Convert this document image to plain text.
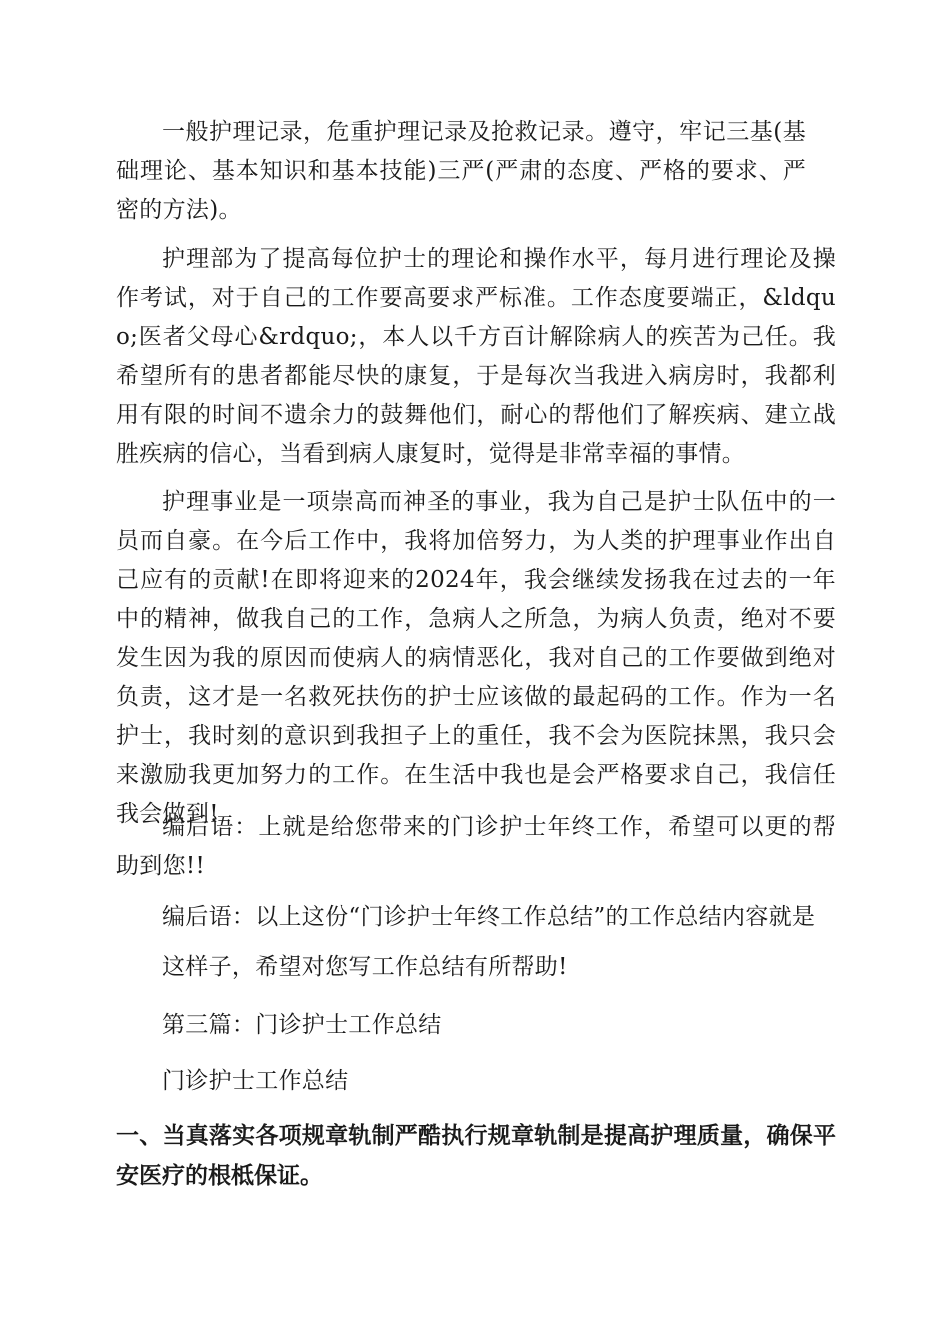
一般护理记录，危重护理记录及抢救记录。遵守，牢记三基(基础理论、基本知识和基本技能)三严(严肃的态度、严格的要求、严密的方法)。

护理部为了提高每位护士的理论和操作水平，每月进行理论及操作考试，对于自己的工作要高要求严标准。工作态度要端正，&ldquo;医者父母心&rdquo;，本人以千方百计解除病人的疾苦为己任。我希望所有的患者都能尽快的康复，于是每次当我进入病房时，我都利用有限的时间不遗余力的鼓舞他们，耐心的帮他们了解疾病、建立战胜疾病的信心，当看到病人康复时，觉得是非常幸福的事情。

护理事业是一项崇高而神圣的事业，我为自己是护士队伍中的一员而自豪。在今后工作中，我将加倍努力，为人类的护理事业作出自己应有的贡献!在即将迎来的2024年，我会继续发扬我在过去的一年中的精神，做我自己的工作，急病人之所急，为病人负责，绝对不要发生因为我的原因而使病人的病情恶化，我对自己的工作要做到绝对负责，这才是一名救死扶伤的护士应该做的最起码的工作。作为一名护士，我时刻的意识到我担子上的重任，我不会为医院抹黑，我只会来激励我更加努力的工作。在生活中我也是会严格要求自己，我信任我会做到!

编后语：上就是给您带来的门诊护士年终工作，希望可以更的帮助到您!!

编后语：以上这份“门诊护士年终工作总结”的工作总结内容就是

这样子，希望对您写工作总结有所帮助!

第三篇：门诊护士工作总结

门诊护士工作总结

一、当真落实各项规章轨制严酷执行规章轨制是提高护理质量，确保平安医疗的根柢保证。
